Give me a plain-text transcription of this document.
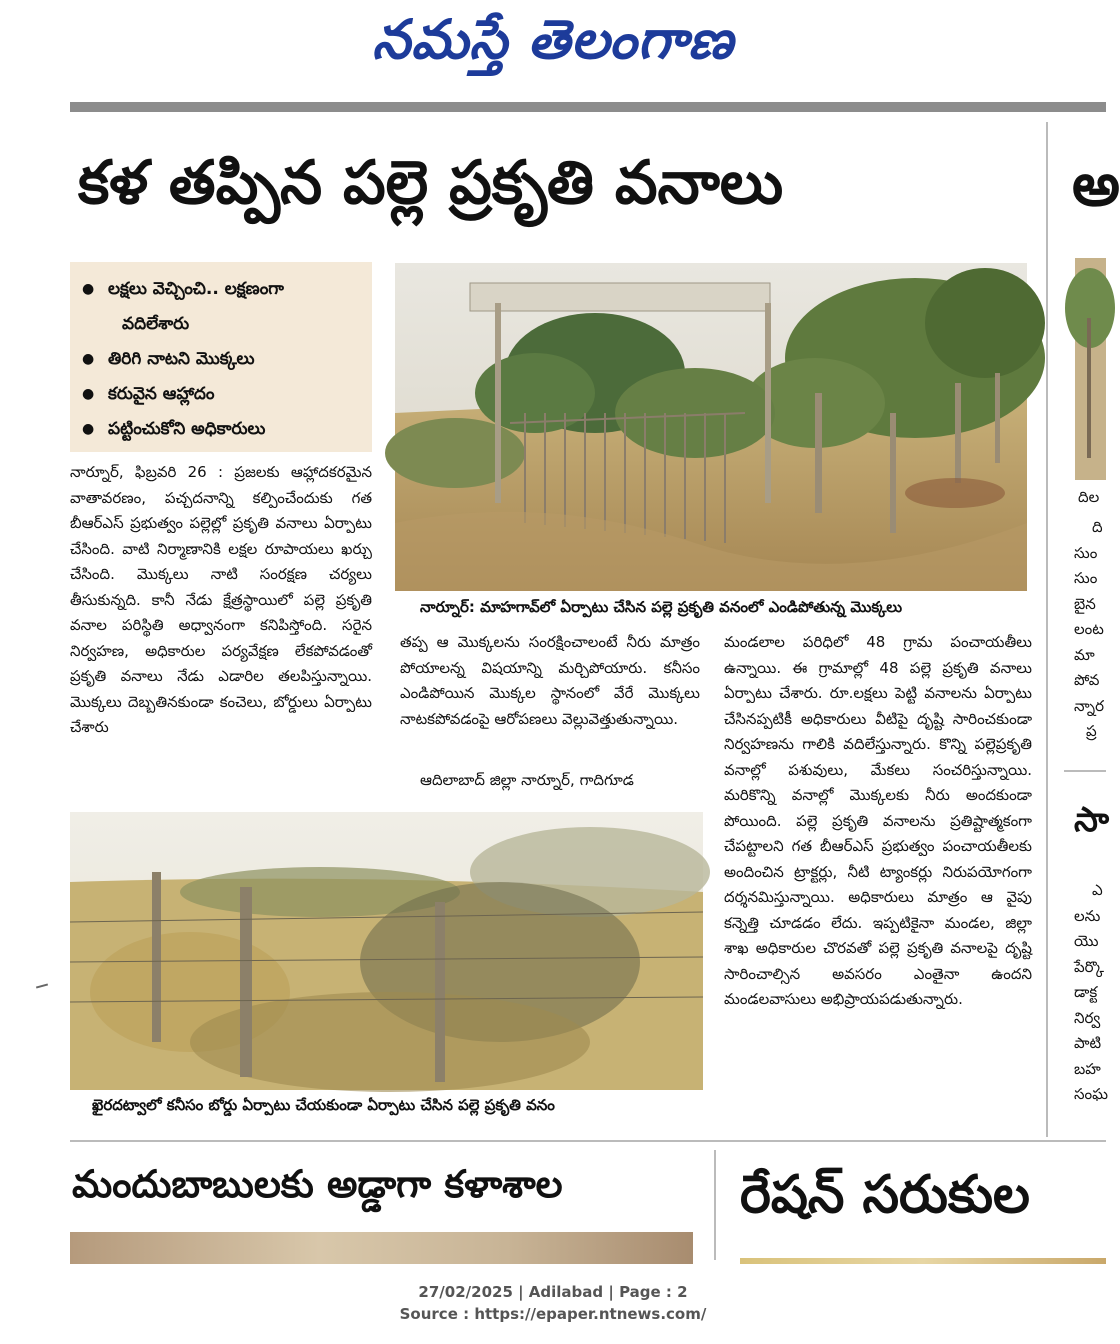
నమస్తే తెలంగాణ
కళ తప్పిన పల్లె ప్రకృతి వనాలు	అ
● లక్షలు వెచ్చించి.. లక్షణంగా
వదిలేశారు
● తిరిగి నాటని మొక్కలు
● కరువైన ఆహ్లాదం
● పట్టించుకోని అధికారులు
నార్నూర్: మాహగావ్‌లో ఏర్పాటు చేసిన పల్లె ప్రకృతి వనంలో ఎండిపోతున్న మొక్కలు
నార్నూర్, ఫిబ్రవరి 26 : ప్రజలకు ఆహ్లాదకరమైన వాతావరణం, పచ్చదనాన్ని కల్పించేందుకు గత బీఆర్ఎస్ ప్రభుత్వం పల్లెల్లో ప్రకృతి వనాలు ఏర్పాటు చేసింది. వాటి నిర్మాణానికి లక్షల రూపాయలు ఖర్చు చేసింది. మొక్కలు నాటి సంరక్షణ చర్యలు తీసుకున్నది. కానీ నేడు క్షేత్రస్థాయిలో పల్లె ప్రకృతి వనాల పరిస్థితి అధ్వానంగా కనిపిస్తోంది. సరైన నిర్వహణ, అధికారుల పర్యవేక్షణ లేకపోవడంతో ప్రకృతి వనాలు నేడు ఎడారిల తలపిస్తున్నాయి. మొక్కలు దెబ్బతినకుండా కంచెలు, బోర్డులు ఏర్పాటు చేశారు
తప్ప ఆ మొక్కలను సంరక్షించాలంటే నీరు మాత్రం పోయాలన్న విషయాన్ని మర్చిపోయారు. కనీసం ఎండిపోయిన మొక్కల స్థానంలో వేరే మొక్కలు నాటకపోవడంపై ఆరోపణలు వెల్లువెత్తుతున్నాయి.
ఆదిలాబాద్ జిల్లా నార్నూర్, గాదిగూడ
మండలాల పరిధిలో 48 గ్రామ పంచాయతీలు ఉన్నాయి. ఈ గ్రామాల్లో 48 పల్లె ప్రకృతి వనాలు ఏర్పాటు చేశారు. రూ.లక్షలు పెట్టి వనాలను ఏర్పాటు చేసినప్పటికీ అధికారులు వీటిపై దృష్టి సారించకుండా నిర్వహణను గాలికి వదిలేస్తున్నారు. కొన్ని పల్లెప్రకృతి వనాల్లో పశువులు, మేకలు సంచరిస్తున్నాయి. మరికొన్ని వనాల్లో మొక్కలకు నీరు అందకుండా పోయింది. పల్లె ప్రకృతి వనాలను ప్రతిష్టాత్మకంగా చేపట్టాలని గత బీఆర్ఎస్ ప్రభుత్వం పంచాయతీలకు అందించిన ట్రాక్టర్లు, నీటి ట్యాంకర్లు నిరుపయోగంగా దర్శనమిస్తున్నాయి. అధికారులు మాత్రం ఆ వైపు కన్నెత్తి చూడడం లేదు. ఇప్పటికైనా మండల, జిల్లా శాఖ అధికారుల చొరవతో పల్లె ప్రకృతి వనాలపై దృష్టి సారించాల్సిన అవసరం ఎంతైనా ఉందని మండలవాసులు అభిప్రాయపడుతున్నారు.
ఖైరదట్వాలో కనీసం బోర్డు ఏర్పాటు చేయకుండా ఏర్పాటు చేసిన పల్లె ప్రకృతి వనం
దిల
ది
సుం
సుం
బైన
లంట
మా
పోవ
న్నార
ప్ర
సా
ఎ
లను
యొ
పేర్కొ
డాక్ట
నిర్వ
పాటి
బహ
సంఘ
మందుబాబులకు అడ్డాగా కళాశాల	రేషన్ సరుకుల
27/02/2025 | Adilabad | Page : 2
Source : https://epaper.ntnews.com/
